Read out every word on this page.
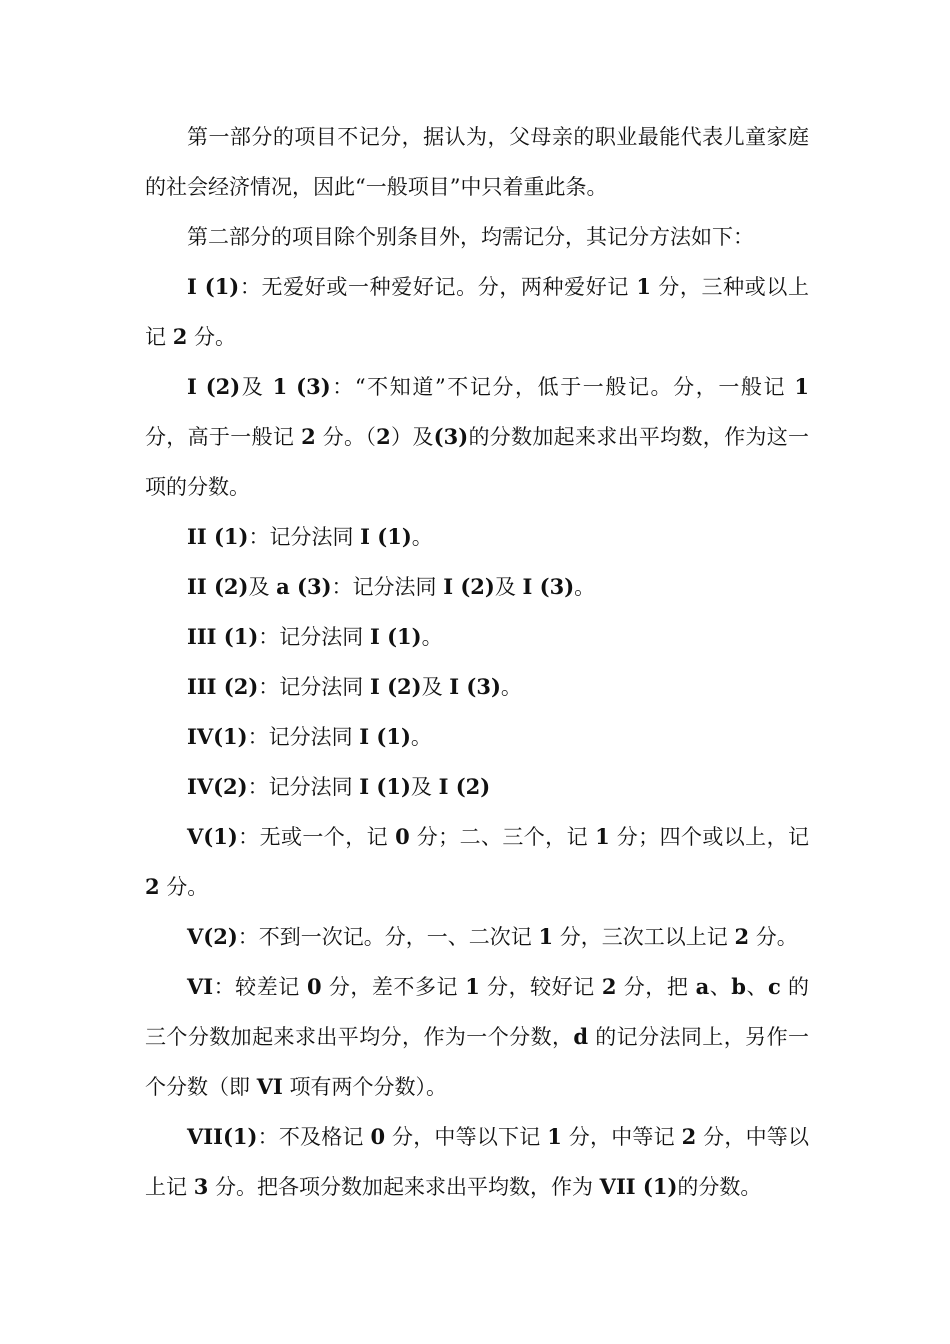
第一部分的项目不记分，据认为，父母亲的职业最能代表儿童家庭的社会经济情况，因此“一般项目”中只着重此条。

第二部分的项目除个别条目外，均需记分，其记分方法如下：

I (1)：无爱好或一种爱好记。分，两种爱好记 1 分，三种或以上记 2 分。

I (2)及 1 (3)：“不知道”不记分，低于一般记。分，一般记 1 分，高于一般记 2 分。（2）及(3)的分数加起来求出平均数，作为这一项的分数。

II (1)：记分法同 I (1)。

II (2)及 a (3)：记分法同 I (2)及 I (3)。

III (1)：记分法同 I (1)。

III (2)：记分法同 I (2)及 I (3)。

IV(1)：记分法同 I (1)。

IV(2)：记分法同 I (1)及 I (2)

V(1)：无或一个，记 0 分；二、三个，记 1 分；四个或以上，记 2 分。

V(2)：不到一次记。分，一、二次记 1 分，三次工以上记 2 分。

VI：较差记 0 分，差不多记 1 分，较好记 2 分，把 a、b、c 的三个分数加起来求出平均分，作为一个分数，d 的记分法同上，另作一个分数（即 VI 项有两个分数）。

VII(1)：不及格记 0 分，中等以下记 1 分，中等记 2 分，中等以上记 3 分。把各项分数加起来求出平均数，作为 VII (1)的分数。
